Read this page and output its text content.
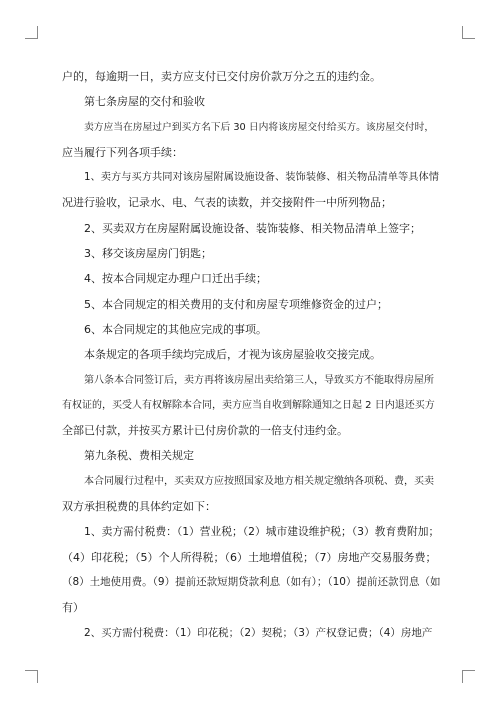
户的，每逾期一日，卖方应支付已交付房价款万分之五的违约金。
第七条房屋的交付和验收
卖方应当在房屋过户到买方名下后 30 日内将该房屋交付给买方。该房屋交付时，
应当履行下列各项手续：
1、卖方与买方共同对该房屋附属设施设备、装饰装修、相关物品清单等具体情
况进行验收，记录水、电、气表的读数，并交接附件一中所列物品；
2、买卖双方在房屋附属设施设备、装饰装修、相关物品清单上签字；
3、移交该房屋房门钥匙；
4、按本合同规定办理户口迁出手续；
5、本合同规定的相关费用的支付和房屋专项维修资金的过户；
6、本合同规定的其他应完成的事项。
本条规定的各项手续均完成后，才视为该房屋验收交接完成。
第八条本合同签订后，卖方再将该房屋出卖给第三人，导致买方不能取得房屋所
有权证的，买受人有权解除本合同，卖方应当自收到解除通知之日起 2 日内退还买方
全部已付款，并按买方累计已付房价款的一倍支付违约金。
第九条税、费相关规定
本合同履行过程中，买卖双方应按照国家及地方相关规定缴纳各项税、费，买卖
双方承担税费的具体约定如下：
1、卖方需付税费：（1）营业税；（2）城市建设维护税；（3）教育费附加；
（4）印花税；（5）个人所得税；（6）土地增值税；（7）房地产交易服务费；
（8）土地使用费。（9）提前还款短期贷款利息（如有）；（10）提前还款罚息（如
有）
2、买方需付税费：（1）印花税；（2）契税；（3）产权登记费；（4）房地产
